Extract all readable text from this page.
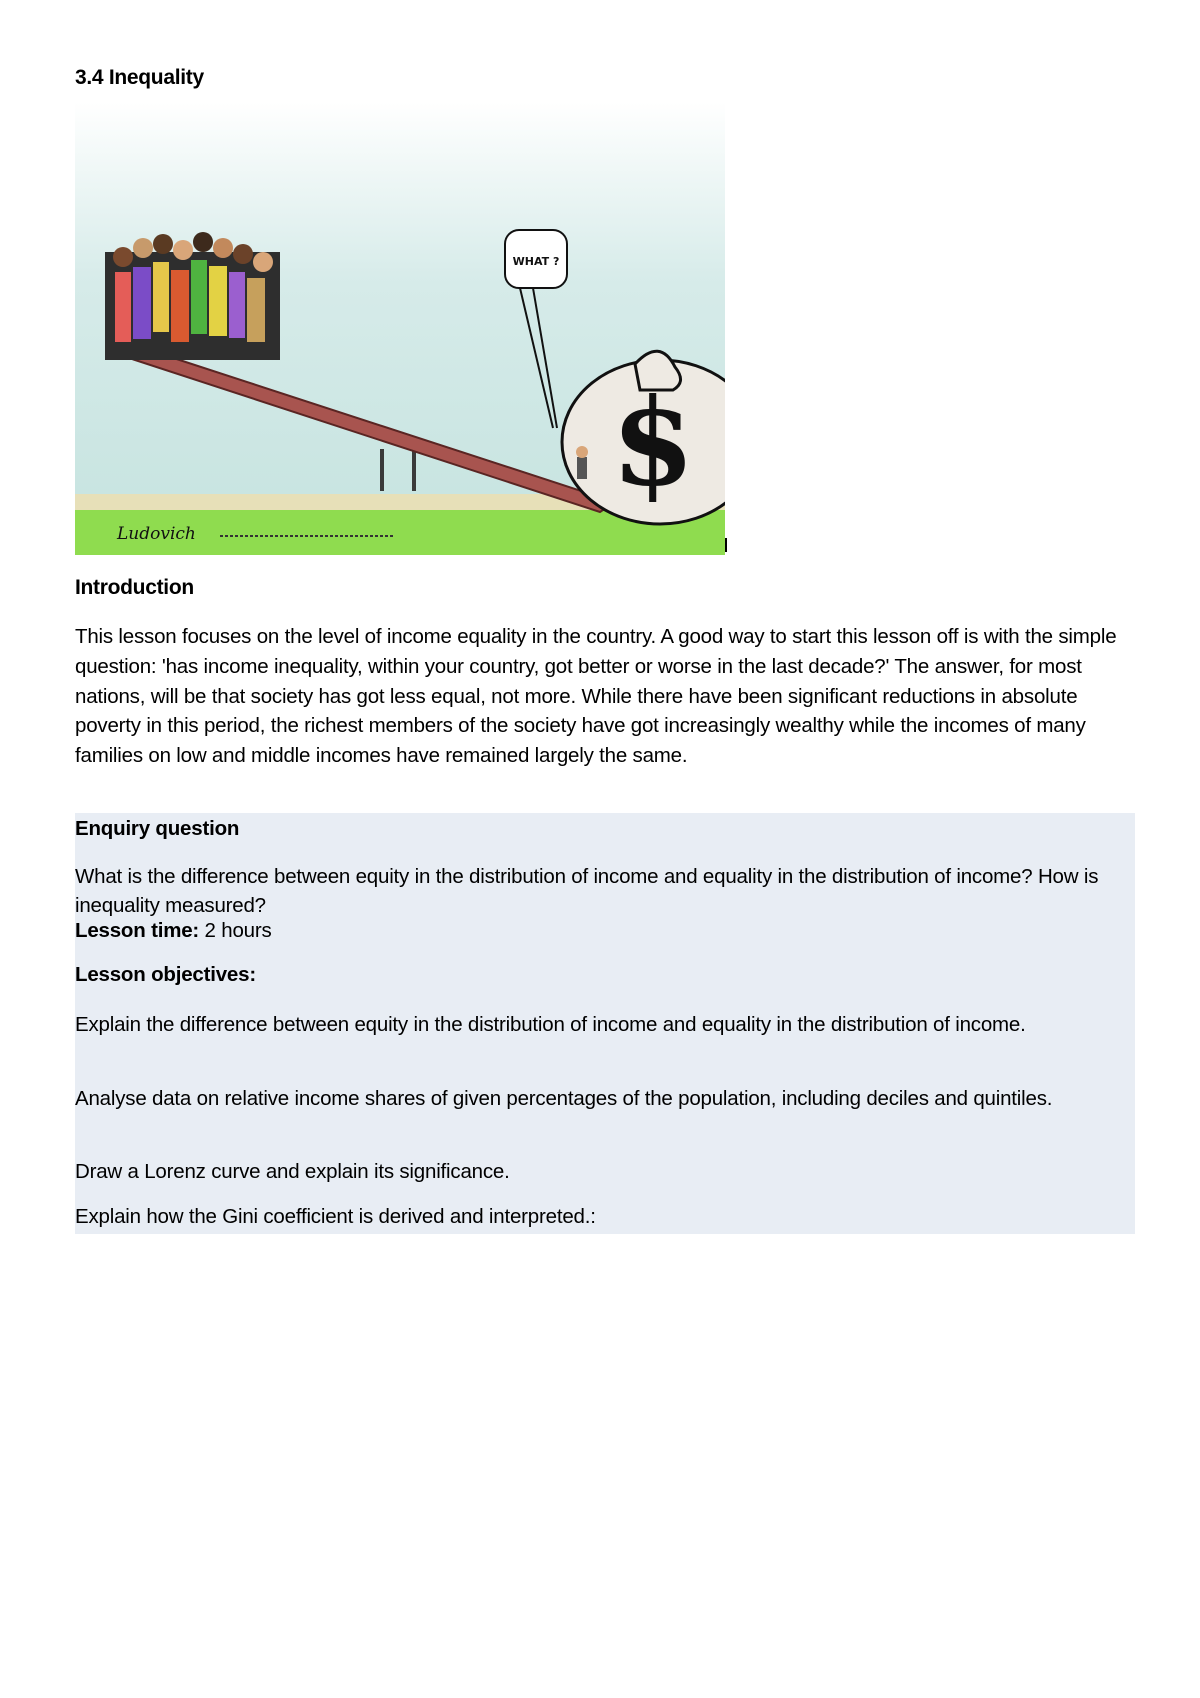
3.4 Inequality
$
WHAT ?
Ludovich
Introduction

This lesson focuses on the level of income equality in the country. A good way to start this lesson off is with the simple question: 'has income inequality, within your country, got better or worse in the last decade?' The answer, for most nations, will be that society has got less equal, not more. While there have been significant reductions in absolute poverty in this period, the richest members of the society have got increasingly wealthy while the incomes of many families on low and middle incomes have remained largely the same.

Enquiry question

What is the difference between equity in the distribution of income and equality in the distribution of income? How is inequality measured?

Lesson time: 2 hours

Lesson objectives:

Explain the difference between equity in the distribution of income and equality in the distribution of income.

Analyse data on relative income shares of given percentages of the population, including deciles and quintiles.

Draw a Lorenz curve and explain its significance.

Explain how the Gini coefficient is derived and interpreted.:
